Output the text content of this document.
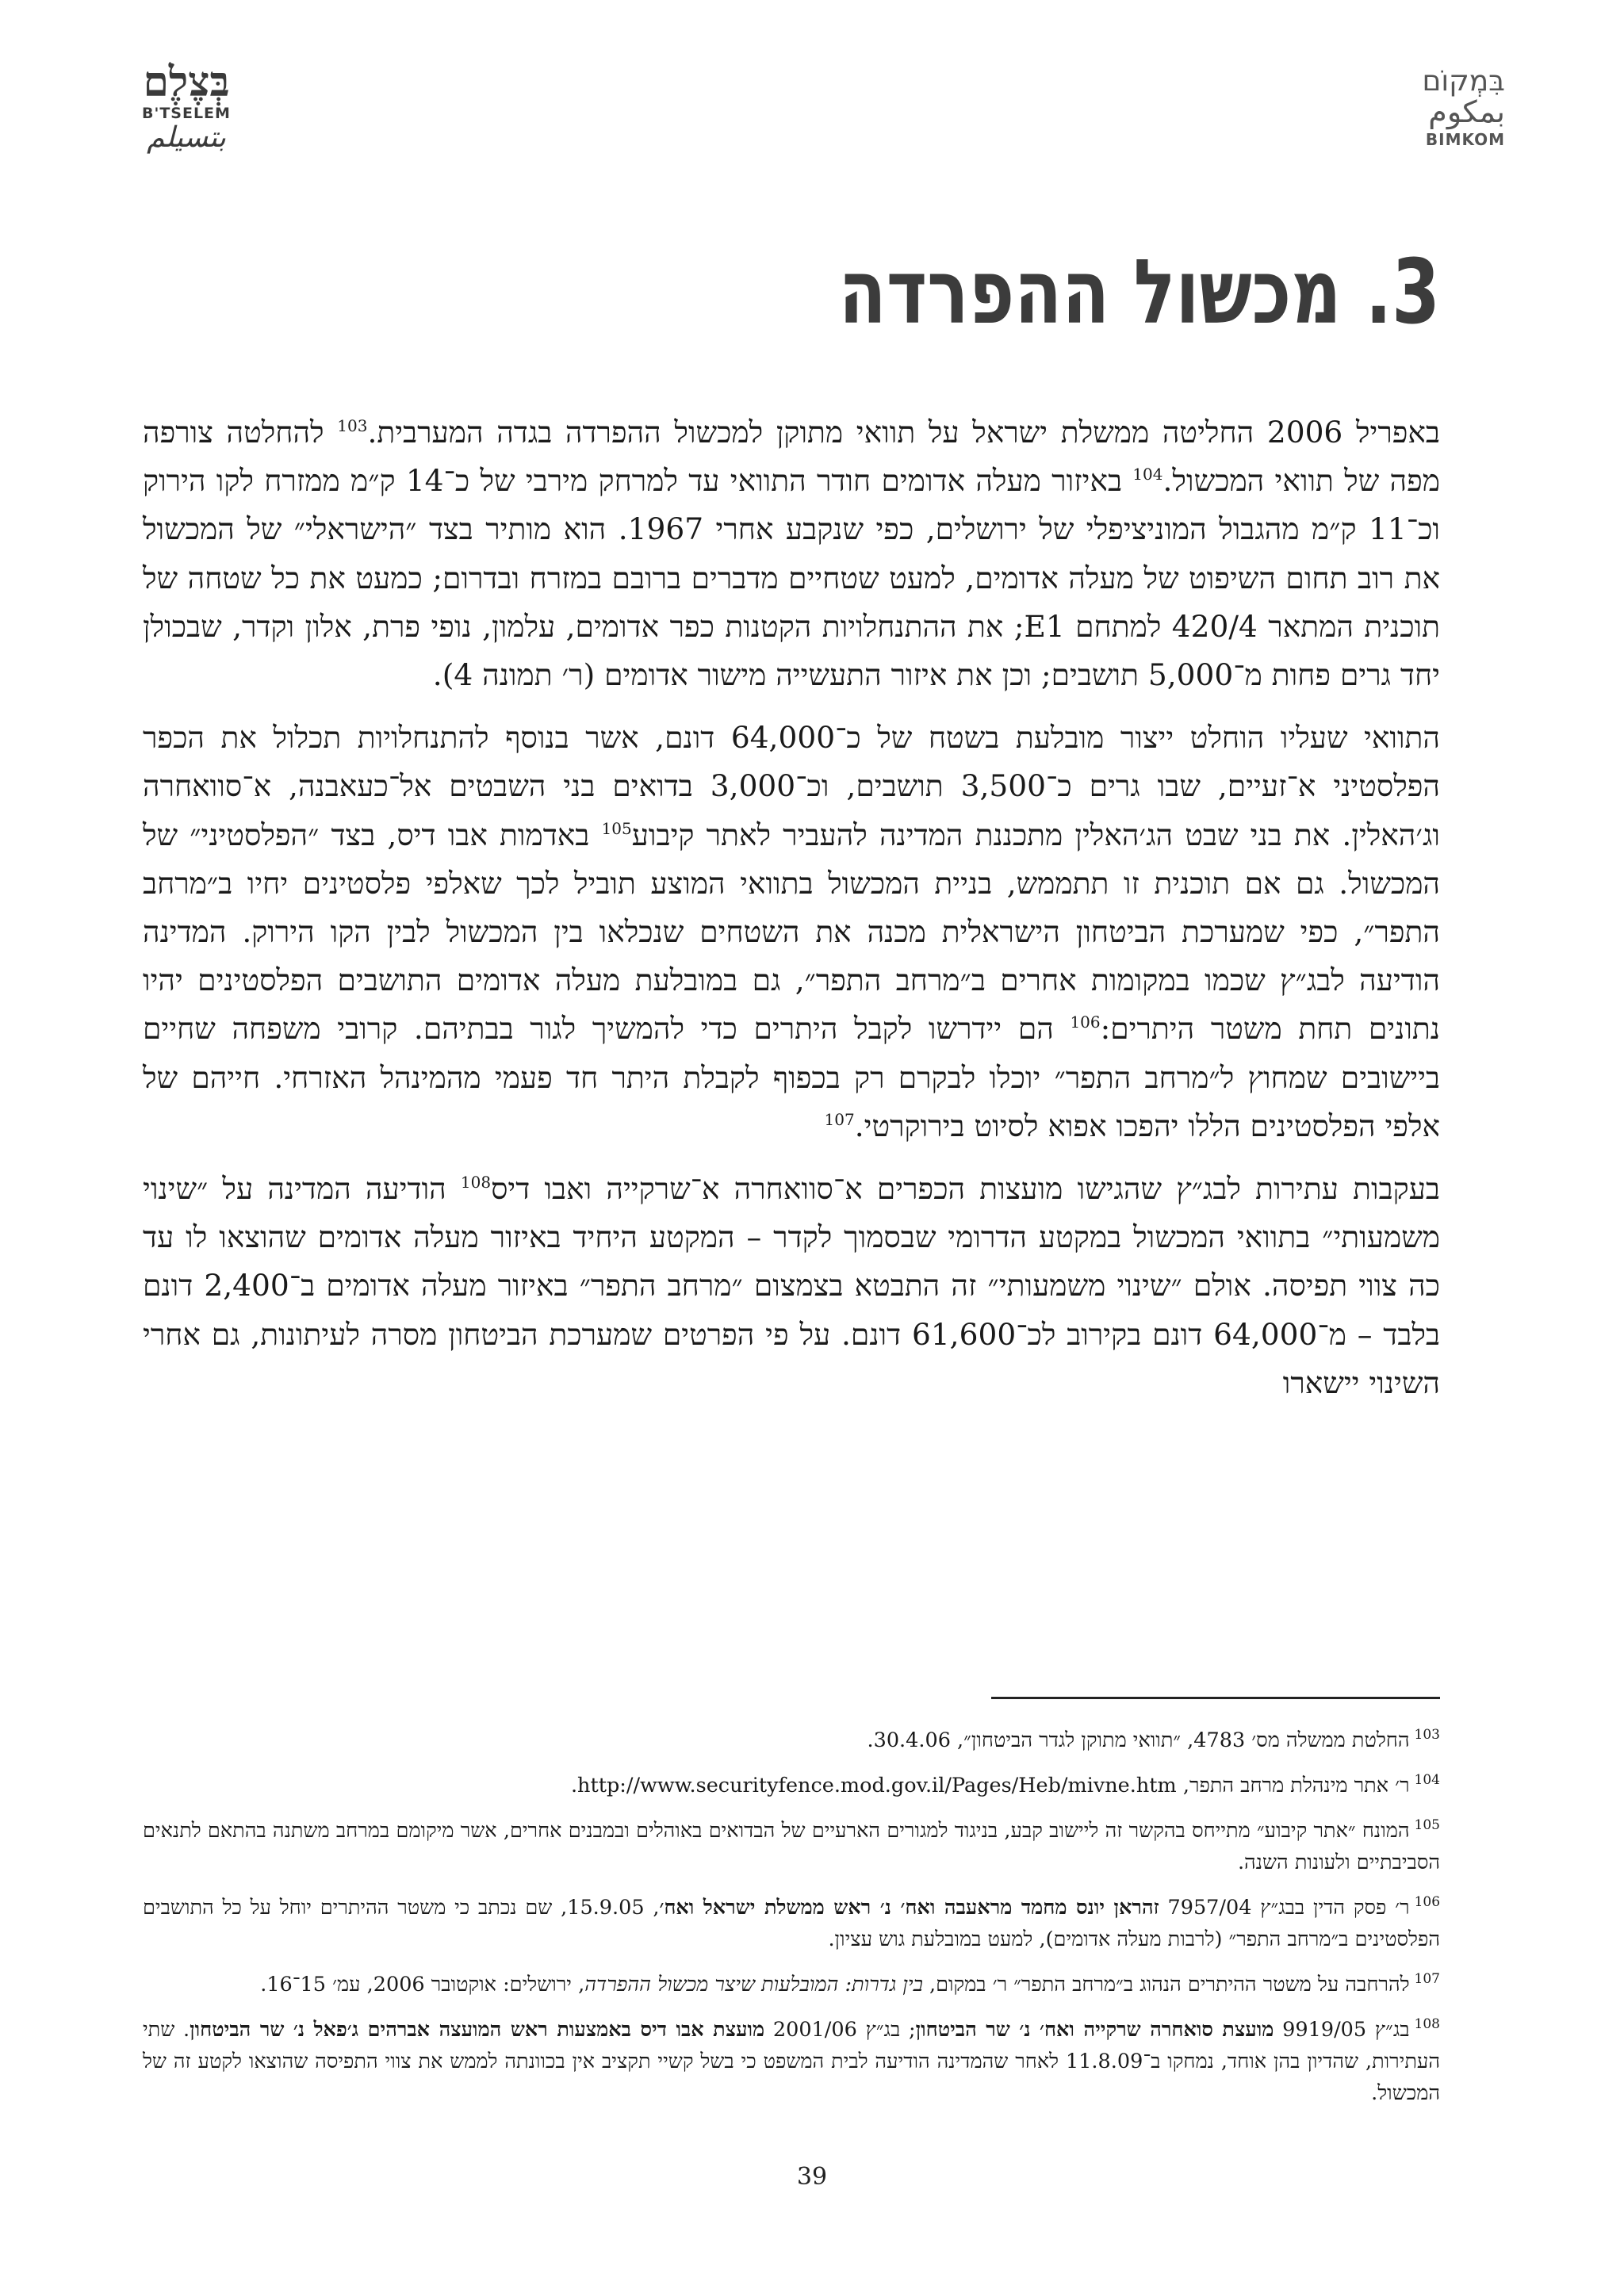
בְּצֶלֶם
B'TSELEM
بتسيلم
בִּמְקוֹם
بمكوم
BIMKOM
3. מכשול ההפרדה

באפריל 2006 החליטה ממשלת ישראל על תוואי מתוקן למכשול ההפרדה בגדה המערבית.$^{103}$ להחלטה צורפה מפה של תוואי המכשול.$^{104}$ באיזור מעלה אדומים חודר התוואי עד למרחק מירבי של כ־14 ק״מ ממזרח לקו הירוק וכ־11 ק״מ מהגבול המוניציפלי של ירושלים, כפי שנקבע אחרי 1967. הוא מותיר בצד ״הישראלי״ של המכשול את רוב תחום השיפוט של מעלה אדומים, למעט שטחיים מדברים ברובם במזרח ובדרום; כמעט את כל שטחה של תוכנית המתאר 420/4 למתחם E1; את ההתנחלויות הקטנות כפר אדומים, עלמון, נופי פרת, אלון וקדר, שבכולן יחד גרים פחות מ־5,000 תושבים; וכן את איזור התעשייה מישור אדומים (ר׳ תמונה 4).

התוואי שעליו הוחלט ייצור מובלעת בשטח של כ־64,000 דונם, אשר בנוסף להתנחלויות תכלול את הכפר הפלסטיני א־זעיים, שבו גרים כ־3,500 תושבים, וכ־3,000 בדואים בני השבטים אל־כעאבנה, א־סוואחרה וג׳האלין. את בני שבט הג׳האלין מתכננת המדינה להעביר לאתר קיבוע$^{105}$ באדמות אבו דיס, בצד ״הפלסטיני״ של המכשול. גם אם תוכנית זו תתממש, בניית המכשול בתוואי המוצע תוביל לכך שאלפי פלסטינים יחיו ב״מרחב התפר״, כפי שמערכת הביטחון הישראלית מכנה את השטחים שנכלאו בין המכשול לבין הקו הירוק. המדינה הודיעה לבג״ץ שכמו במקומות אחרים ב״מרחב התפר״, גם במובלעת מעלה אדומים התושבים הפלסטינים יהיו נתונים תחת משטר היתרים:$^{106}$ הם יידרשו לקבל היתרים כדי להמשיך לגור בבתיהם. קרובי משפחה שחיים ביישובים שמחוץ ל״מרחב התפר״ יוכלו לבקרם רק בכפוף לקבלת היתר חד פעמי מהמינהל האזרחי. חייהם של אלפי הפלסטינים הללו יהפכו אפוא לסיוט בירוקרטי.$^{107}$

בעקבות עתירות לבג״ץ שהגישו מועצות הכפרים א־סוואחרה א־שרקייה ואבו דיס$^{108}$ הודיעה המדינה על ״שינוי משמעותי״ בתוואי המכשול במקטע הדרומי שבסמוך לקדר – המקטע היחיד באיזור מעלה אדומים שהוצאו לו עד כה צווי תפיסה. אולם ״שינוי משמעותי״ זה התבטא בצמצום ״מרחב התפר״ באיזור מעלה אדומים ב־2,400 דונם בלבד – מ־64,000 דונם בקירוב לכ־61,600 דונם. על פי הפרטים שמערכת הביטחון מסרה לעיתונות, גם אחרי השינוי יישארו

$^{103}$החלטת ממשלה מס׳ 4783, ״תוואי מתוקן לגדר הביטחון״, 30.4.06.
$^{104}$ר׳ אתר מינהלת מרחב התפר, http://www.securityfence.mod.gov.il/Pages/Heb/mivne.htm.
$^{105}$המונח ״אתר קיבוע״ מתייחס בהקשר זה ליישוב קבע, בניגוד למגורים הארעיים של הבדואים באוהלים ובמבנים אחרים, אשר מיקומם במרחב משתנה בהתאם לתנאים הסביבתיים ולעונות השנה.
$^{106}$ר׳ פסק הדין בבג״ץ 7957/04 זהראן יונס מחמד מראעבה ואח׳ נ׳ ראש ממשלת ישראל ואח׳, 15.9.05, שם נכתב כי משטר ההיתרים יוחל על כל התושבים הפלסטינים ב״מרחב התפר״ (לרבות מעלה אדומים), למעט במובלעת גוש עציון.
$^{107}$להרחבה על משטר ההיתרים הנהוג ב״מרחב התפר״ ר׳ במקום, בין גדרות: המובלעות שיצר מכשול ההפרדה, ירושלים: אוקטובר 2006, עמ׳ 15־16.
$^{108}$בג״ץ 9919/05 מועצת סואחרה שרקייה ואח׳ נ׳ שר הביטחון; בג״ץ 2001/06 מועצת אבו דיס באמצעות ראש המועצה אברהים ג׳פאל נ׳ שר הביטחון. שתי העתירות, שהדיון בהן אוחד, נמחקו ב־11.8.09 לאחר שהמדינה הודיעה לבית המשפט כי בשל קשיי תקציב אין בכוונתה לממש את צווי התפיסה שהוצאו לקטע זה של המכשול.
39
